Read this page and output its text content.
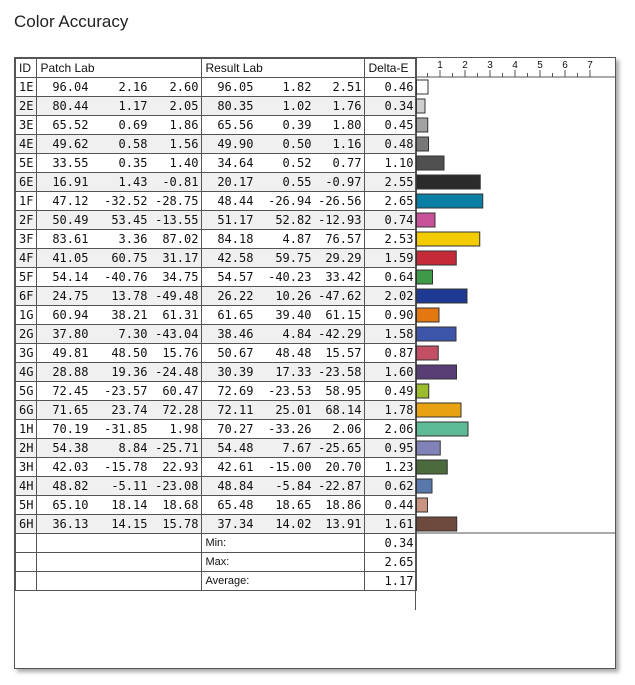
Color Accuracy
ID	Patch Lab	Result Lab	Delta-E
1E	96.04 2.16 2.60	96.05 1.82 2.51	0.46
2E	80.44 1.17 2.05	80.35 1.02 1.76	0.34
3E	65.52 0.69 1.86	65.56 0.39 1.80	0.45
4E	49.62 0.58 1.56	49.90 0.50 1.16	0.48
5E	33.55 0.35 1.40	34.64 0.52 0.77	1.10
6E	16.91 1.43 -0.81	20.17 0.55 -0.97	2.55
1F	47.12 -32.52 -28.75	48.44 -26.94 -26.56	2.65
2F	50.49 53.45 -13.55	51.17 52.82 -12.93	0.74
3F	83.61 3.36 87.02	84.18 4.87 76.57	2.53
4F	41.05 60.75 31.17	42.58 59.75 29.29	1.59
5F	54.14 -40.76 34.75	54.57 -40.23 33.42	0.64
6F	24.75 13.78 -49.48	26.22 10.26 -47.62	2.02
1G	60.94 38.21 61.31	61.65 39.40 61.15	0.90
2G	37.80 7.30 -43.04	38.46 4.84 -42.29	1.58
3G	49.81 48.50 15.76	50.67 48.48 15.57	0.87
4G	28.88 19.36 -24.48	30.39 17.33 -23.58	1.60
5G	72.45 -23.57 60.47	72.69 -23.53 58.95	0.49
6G	71.65 23.74 72.28	72.11 25.01 68.14	1.78
1H	70.19 -31.85 1.98	70.27 -33.26 2.06	2.06
2H	54.38 8.84 -25.71	54.48 7.67 -25.65	0.95
3H	42.03 -15.78 22.93	42.61 -15.00 20.70	1.23
4H	48.82 -5.11 -23.08	48.84 -5.84 -22.87	0.62
5H	65.10 18.14 18.68	65.48 18.65 18.86	0.44
6H	36.13 14.15 15.78	37.34 14.02 13.91	1.61
		Min:	0.34
		Max:	2.65
		Average:	1.17
1 2 3 4 5 6 7
